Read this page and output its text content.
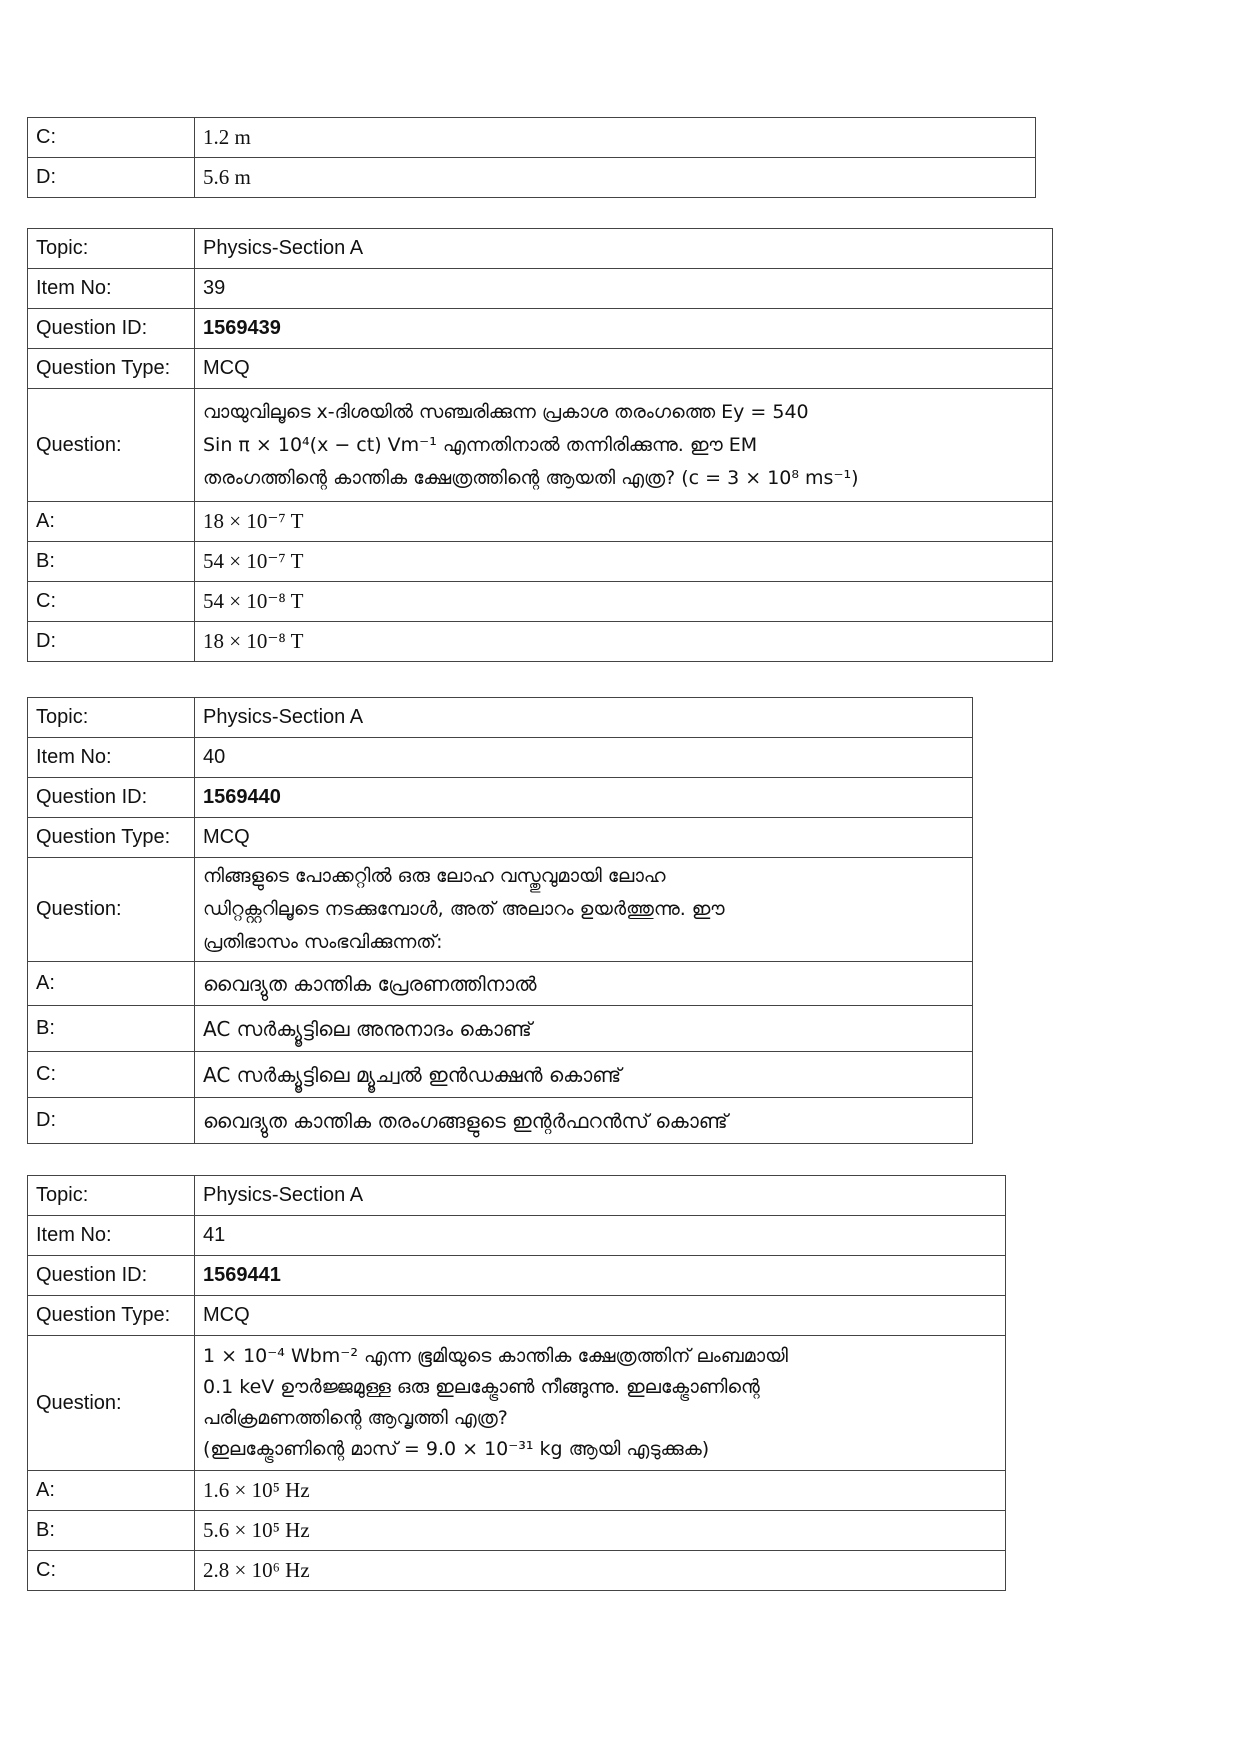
C:	1.2 m
D:	5.6 m
Topic:	Physics-Section A
Item No:	39
Question ID:	1569439
Question Type:	MCQ
Question:	വായുവിലൂടെ x-ദിശയിൽ സഞ്ചരിക്കുന്ന പ്രകാശ തരംഗത്തെ Ey = 540
Sin π × 10⁴(x − ct) Vm⁻¹ എന്നതിനാൽ തന്നിരിക്കുന്നു. ഈ EM
തരംഗത്തിന്റെ കാന്തിക ക്ഷേത്രത്തിന്റെ ആയതി എത്ര? (c = 3 × 10⁸ ms⁻¹)

A:	18 × 10⁻⁷ T
B:	54 × 10⁻⁷ T
C:	54 × 10⁻⁸ T
D:	18 × 10⁻⁸ T
Topic:	Physics-Section A
Item No:	40
Question ID:	1569440
Question Type:	MCQ
Question:	നിങ്ങളുടെ പോക്കറ്റിൽ ഒരു ലോഹ വസ്തുവുമായി ലോഹ
ഡിറ്റക്റ്ററിലൂടെ നടക്കുമ്പോൾ, അത് അലാറം ഉയർത്തുന്നു. ഈ
പ്രതിഭാസം സംഭവിക്കുന്നത്:

A:	വൈദ്യുത കാന്തിക പ്രേരണത്തിനാൽ
B:	AC സർക്യൂട്ടിലെ അനുനാദം കൊണ്ട്
C:	AC സർക്യൂട്ടിലെ മ്യൂച്വൽ ഇൻഡക്ഷൻ കൊണ്ട്
D:	വൈദ്യുത കാന്തിക തരംഗങ്ങളുടെ ഇന്റർഫറൻസ് കൊണ്ട്
Topic:	Physics-Section A
Item No:	41
Question ID:	1569441
Question Type:	MCQ
Question:	1 × 10⁻⁴ Wbm⁻² എന്ന ഭൂമിയുടെ കാന്തിക ക്ഷേത്രത്തിന് ലംബമായി
0.1 keV ഊർജ്ജമുള്ള ഒരു ഇലക്ട്രോൺ നീങ്ങുന്നു. ഇലക്ട്രോണിന്റെ
പരിക്രമണത്തിന്റെ ആവൃത്തി എത്ര?
(ഇലക്ട്രോണിന്റെ മാസ് = 9.0 × 10⁻³¹ kg ആയി എടുക്കുക)

A:	1.6 × 10⁵ Hz
B:	5.6 × 10⁵ Hz
C:	2.8 × 10⁶ Hz
